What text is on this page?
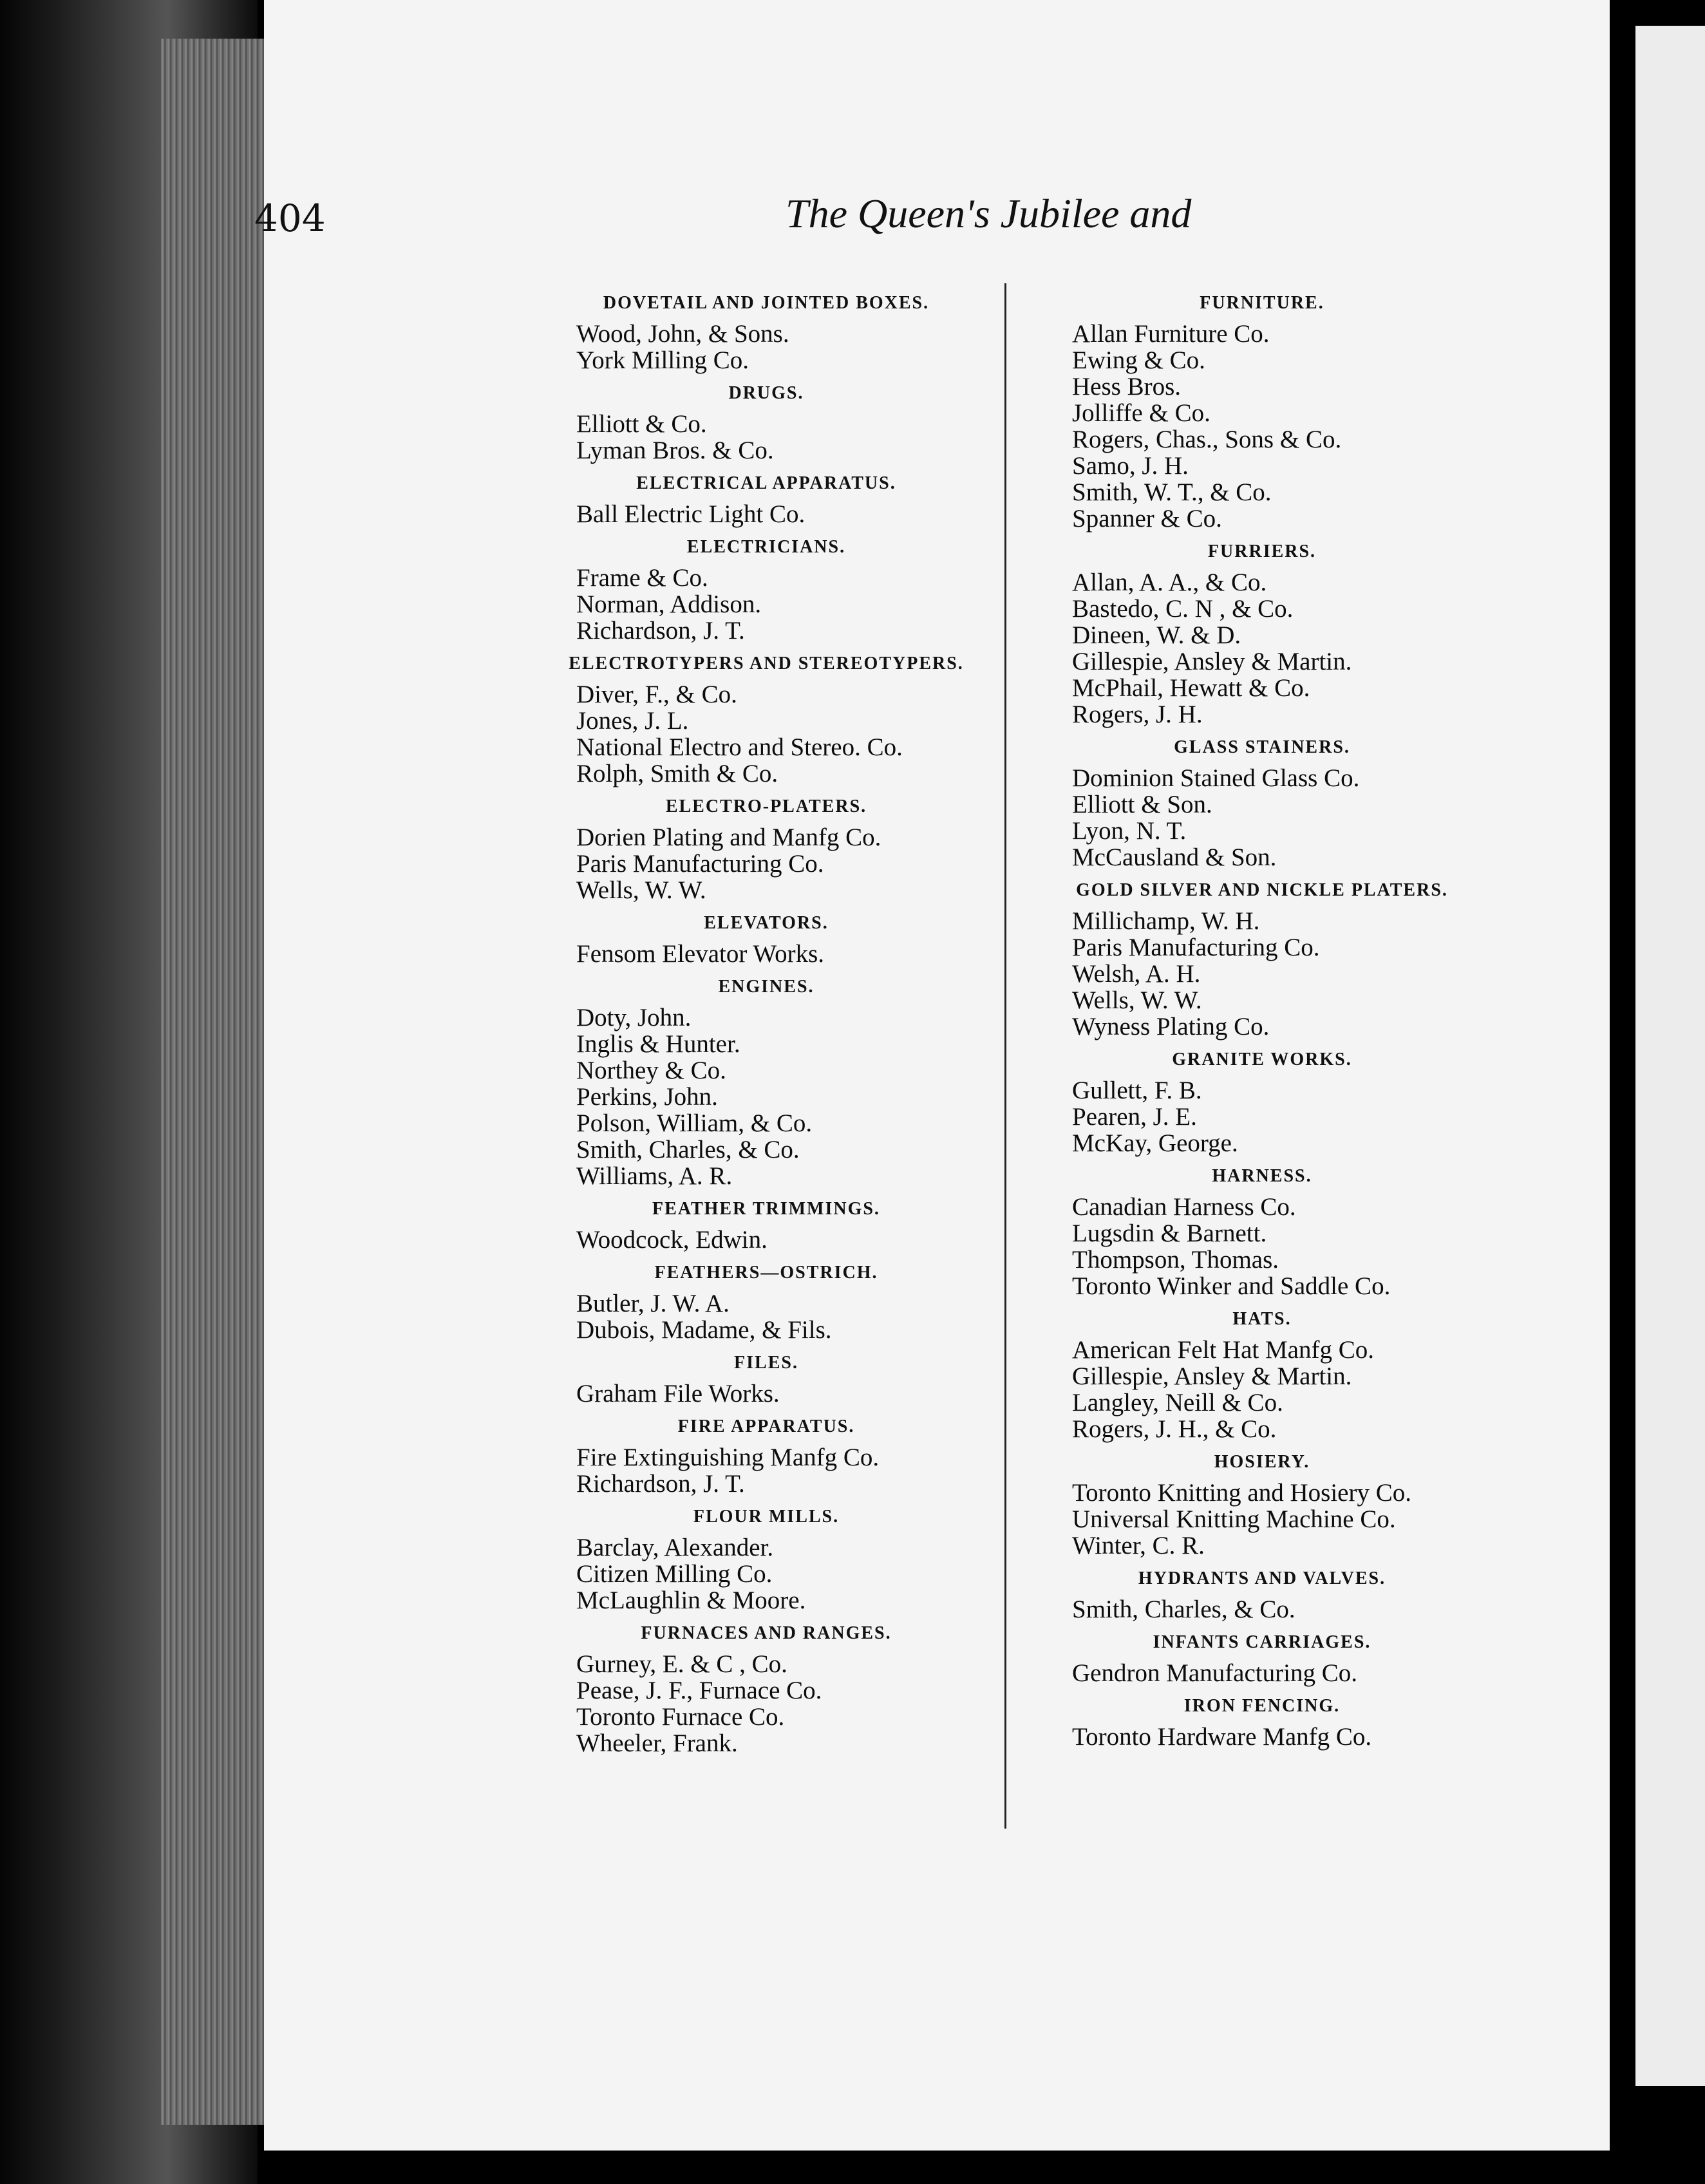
404	The Queen's Jubilee and
DOVETAIL AND JOINTED BOXES.
Wood, John, & Sons.
York Milling Co.
DRUGS.
Elliott & Co.
Lyman Bros. & Co.
ELECTRICAL APPARATUS.
Ball Electric Light Co.
ELECTRICIANS.
Frame & Co.
Norman, Addison.
Richardson, J. T.
ELECTROTYPERS AND STEREOTYPERS.
Diver, F., & Co.
Jones, J. L.
National Electro and Stereo. Co.
Rolph, Smith & Co.
ELECTRO-PLATERS.
Dorien Plating and Manfg Co.
Paris Manufacturing Co.
Wells, W. W.
ELEVATORS.
Fensom Elevator Works.
ENGINES.
Doty, John.
Inglis & Hunter.
Northey & Co.
Perkins, John.
Polson, William, & Co.
Smith, Charles, & Co.
Williams, A. R.
FEATHER TRIMMINGS.
Woodcock, Edwin.
FEATHERS—OSTRICH.
Butler, J. W. A.
Dubois, Madame, & Fils.
FILES.
Graham File Works.
FIRE APPARATUS.
Fire Extinguishing Manfg Co.
Richardson, J. T.
FLOUR MILLS.
Barclay, Alexander.
Citizen Milling Co.
McLaughlin & Moore.
FURNACES AND RANGES.
Gurney, E. & C , Co.
Pease, J. F., Furnace Co.
Toronto Furnace Co.
Wheeler, Frank.
FURNITURE.
Allan Furniture Co.
Ewing & Co.
Hess Bros.
Jolliffe & Co.
Rogers, Chas., Sons & Co.
Samo, J. H.
Smith, W. T., & Co.
Spanner & Co.
FURRIERS.
Allan, A. A., & Co.
Bastedo, C. N , & Co.
Dineen, W. & D.
Gillespie, Ansley & Martin.
McPhail, Hewatt & Co.
Rogers, J. H.
GLASS STAINERS.
Dominion Stained Glass Co.
Elliott & Son.
Lyon, N. T.
McCausland & Son.
GOLD SILVER AND NICKLE PLATERS.
Millichamp, W. H.
Paris Manufacturing Co.
Welsh, A. H.
Wells, W. W.
Wyness Plating Co.
GRANITE WORKS.
Gullett, F. B.
Pearen, J. E.
McKay, George.
HARNESS.
Canadian Harness Co.
Lugsdin & Barnett.
Thompson, Thomas.
Toronto Winker and Saddle Co.
HATS.
American Felt Hat Manfg Co.
Gillespie, Ansley & Martin.
Langley, Neill & Co.
Rogers, J. H., & Co.
HOSIERY.
Toronto Knitting and Hosiery Co.
Universal Knitting Machine Co.
Winter, C. R.
HYDRANTS AND VALVES.
Smith, Charles, & Co.
INFANTS CARRIAGES.
Gendron Manufacturing Co.
IRON FENCING.
Toronto Hardware Manfg Co.
